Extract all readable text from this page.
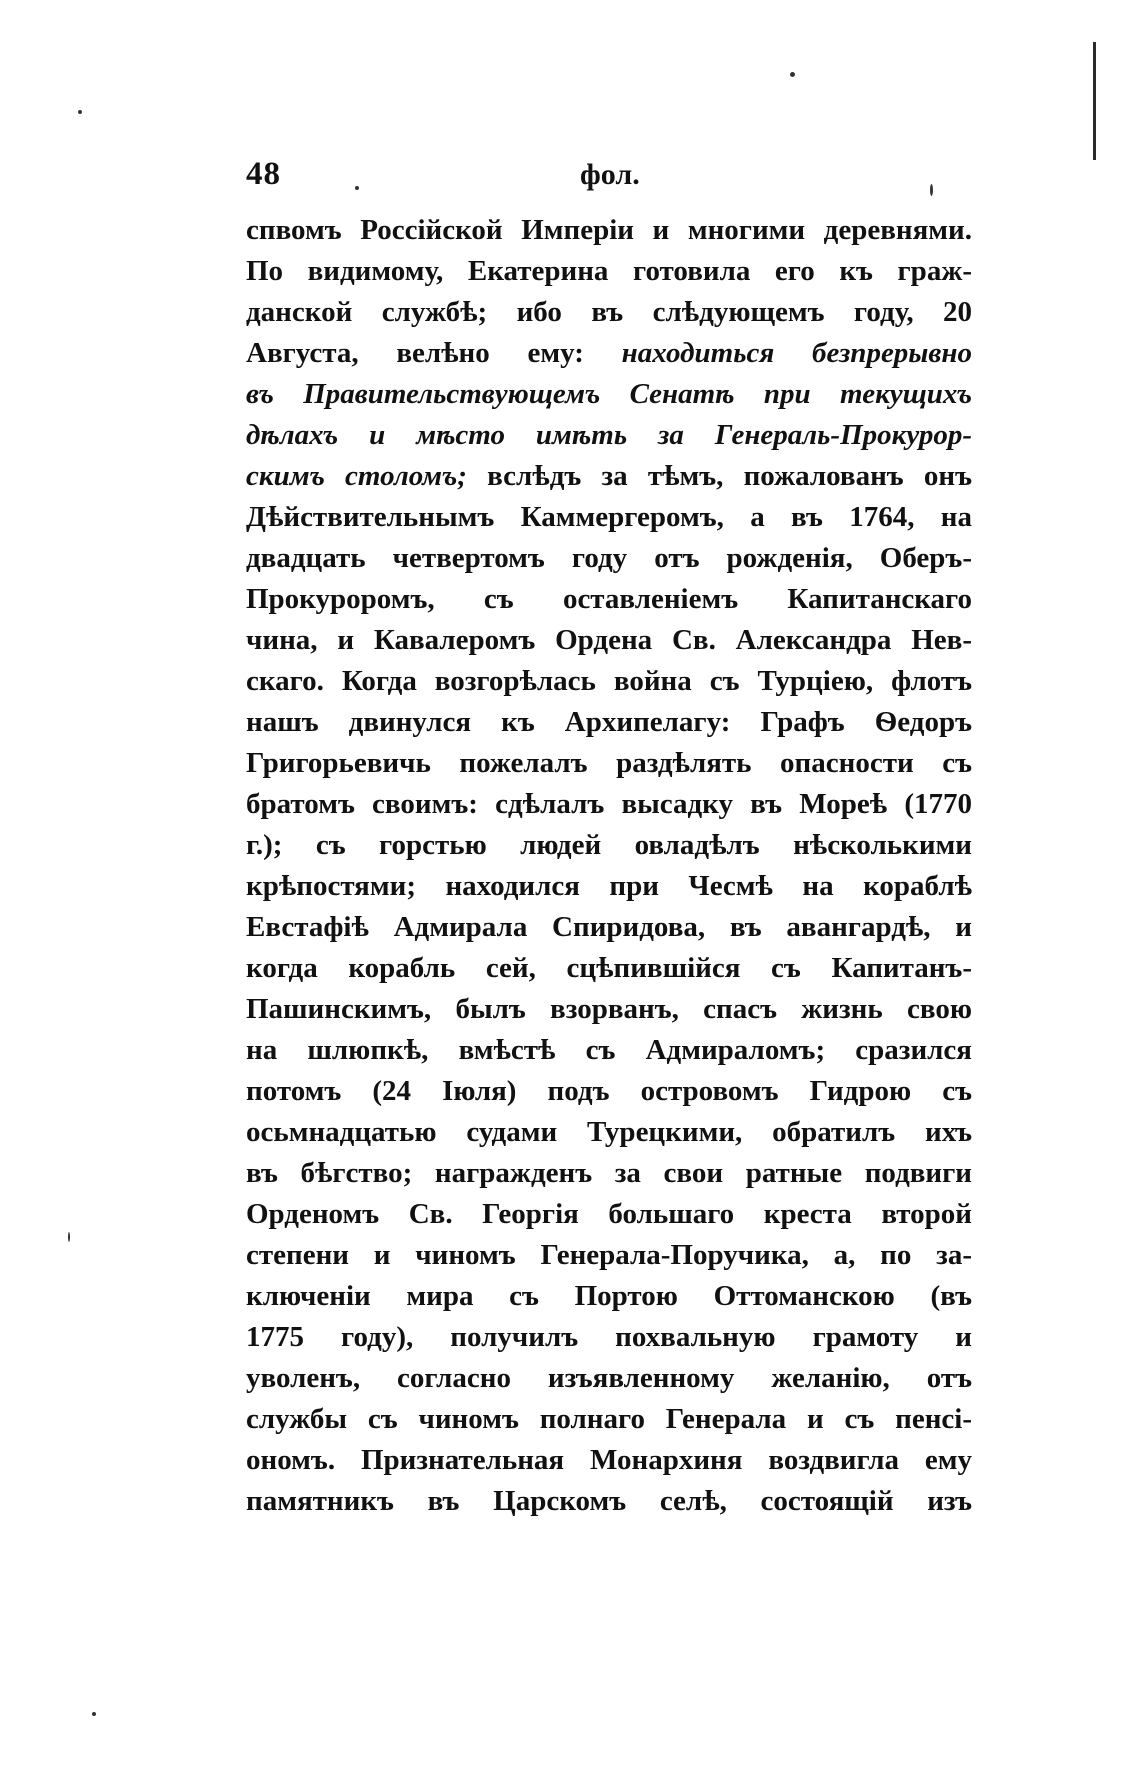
48	фол.
спвомъ Россійской Имперіи и многими деревнями.
По видимому, Екатерина готовила его къ граж-
данской службѣ; ибо въ слѣдующемъ году, 20
Августа, велѣно ему: находиться безпрерывно
въ Правительствующемъ Сенатѣ при текущихъ
дѣлахъ и мѣсто имѣть за Генераль-Прокурор-
скимъ столомъ; вслѣдъ за тѣмъ, пожалованъ онъ
Дѣйствительнымъ Каммергеромъ, а въ 1764, на
двадцать четвертомъ году отъ рожденія, Оберъ-
Прокуроромъ, съ оставленіемъ Капитанскаго
чина, и Кавалеромъ Ордена Св. Александра Нев-
скаго. Когда возгорѣлась война съ Турціею, флотъ
нашъ двинулся къ Архипелагу: Графъ Ѳедоръ
Григорьевичь пожелалъ раздѣлять опасности съ
братомъ своимъ: сдѣлалъ высадку въ Мореѣ (1770
г.); съ горстью людей овладѣлъ нѣсколькими
крѣпостями; находился при Чесмѣ на кораблѣ
Евстафіѣ Адмирала Спиридова, въ авангардѣ, и
когда корабль сей, сцѣпившійся съ Капитанъ-
Пашинскимъ, былъ взорванъ, спасъ жизнь свою
на шлюпкѣ, вмѣстѣ съ Адмираломъ; сразился
потомъ (24 Іюля) подъ островомъ Гидрою съ
осьмнадцатью судами Турецкими, обратилъ ихъ
въ бѣгство; награжденъ за свои ратные подвиги
Орденомъ Св. Георгія большаго креста второй
степени и чиномъ Генерала-Поручика, а, по за-
ключеніи мира съ Портою Оттоманскою (въ
1775 году), получилъ похвальную грамоту и
уволенъ, согласно изъявленному желанію, отъ
службы съ чиномъ полнаго Генерала и съ пенсі-
ономъ. Признательная Монархиня воздвигла ему
памятникъ въ Царскомъ селѣ, состоящій изъ
